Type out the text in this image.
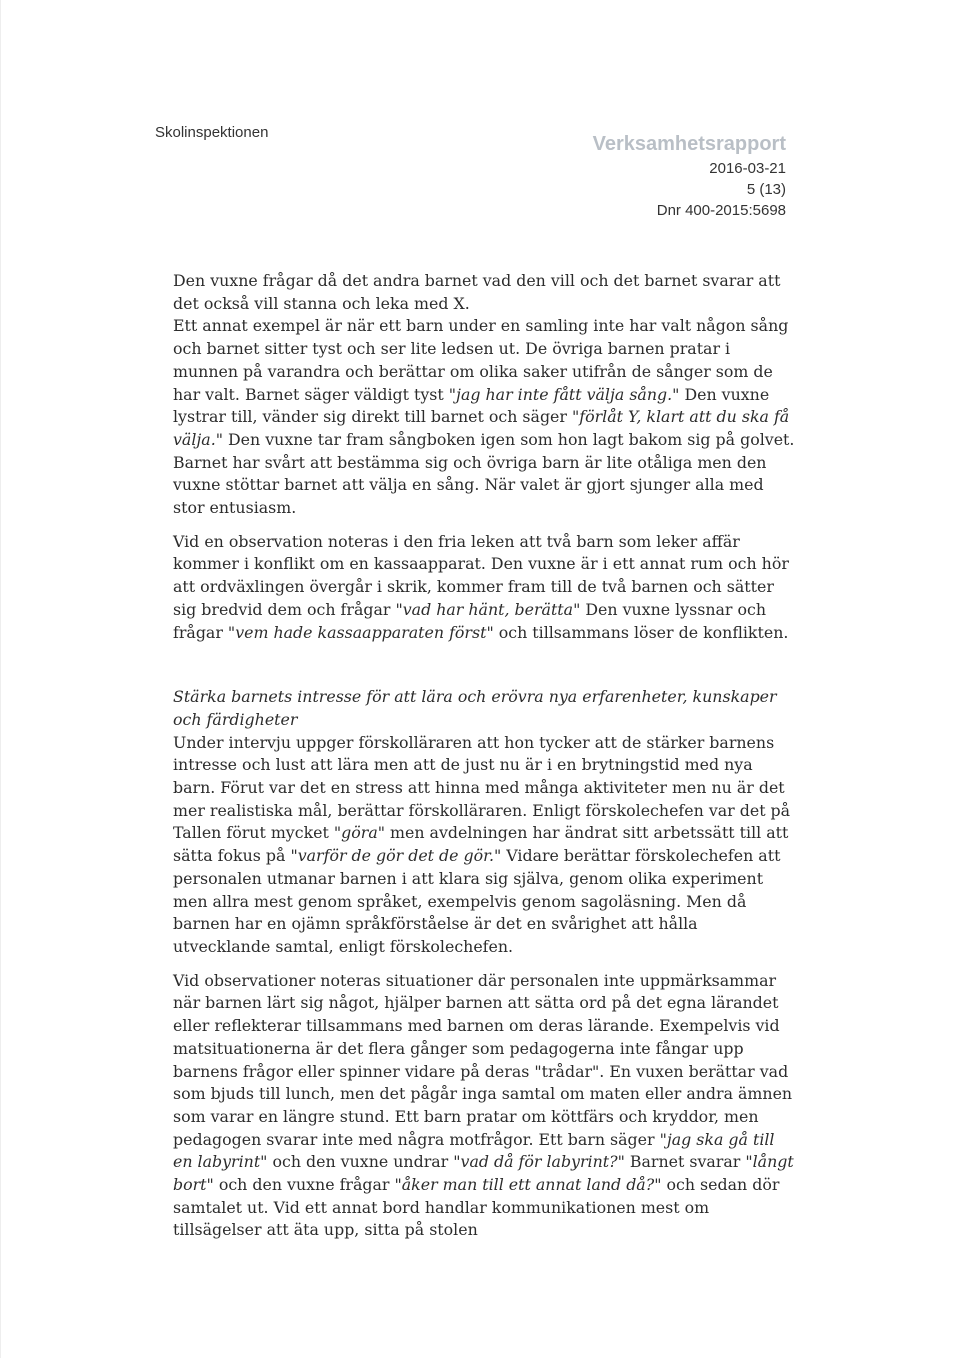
Skolinspektionen
Verksamhetsrapport
2016-03-21
5 (13)
Dnr 400-2015:5698

Den vuxne frågar då det andra barnet vad den vill och det barnet svarar att det också vill stanna och leka med X.

Ett annat exempel är när ett barn under en samling inte har valt någon sång och barnet sitter tyst och ser lite ledsen ut. De övriga barnen pratar i munnen på varandra och berättar om olika saker utifrån de sånger som de har valt. Barnet säger väldigt tyst "jag har inte fått välja sång." Den vuxne lystrar till, vänder sig direkt till barnet och säger "förlåt Y, klart att du ska få välja." Den vuxne tar fram sångboken igen som hon lagt bakom sig på golvet. Barnet har svårt att bestämma sig och övriga barn är lite otåliga men den vuxne stöttar barnet att välja en sång. När valet är gjort sjunger alla med stor entusiasm.

Vid en observation noteras i den fria leken att två barn som leker affär kommer i konflikt om en kassaapparat. Den vuxne är i ett annat rum och hör att ordväxlingen övergår i skrik, kommer fram till de två barnen och sätter sig bredvid dem och frågar "vad har hänt, berätta" Den vuxne lyssnar och frågar "vem hade kassaapparaten först" och tillsammans löser de konflikten.

Stärka barnets intresse för att lära och erövra nya erfarenheter, kunskaper och färdigheter

Under intervju uppger förskolläraren att hon tycker att de stärker barnens intresse och lust att lära men att de just nu är i en brytningstid med nya barn. Förut var det en stress att hinna med många aktiviteter men nu är det mer realistiska mål, berättar förskolläraren. Enligt förskolechefen var det på Tallen förut mycket "göra" men avdelningen har ändrat sitt arbetssätt till att sätta fokus på "varför de gör det de gör." Vidare berättar förskolechefen att personalen utmanar barnen i att klara sig själva, genom olika experiment men allra mest genom språket, exempelvis genom sagoläsning. Men då barnen har en ojämn språkförståelse är det en svårighet att hålla utvecklande samtal, enligt förskolechefen.

Vid observationer noteras situationer där personalen inte uppmärksammar när barnen lärt sig något, hjälper barnen att sätta ord på det egna lärandet eller reflekterar tillsammans med barnen om deras lärande. Exempelvis vid matsituationerna är det flera gånger som pedagogerna inte fångar upp barnens frågor eller spinner vidare på deras "trådar". En vuxen berättar vad som bjuds till lunch, men det pågår inga samtal om maten eller andra ämnen som varar en längre stund. Ett barn pratar om köttfärs och kryddor, men pedagogen svarar inte med några motfrågor. Ett barn säger "jag ska gå till en labyrint" och den vuxne undrar "vad då för labyrint?" Barnet svarar "långt bort" och den vuxne frågar "åker man till ett annat land då?" och sedan dör samtalet ut. Vid ett annat bord handlar kommunikationen mest om tillsägelser att äta upp, sitta på stolen
